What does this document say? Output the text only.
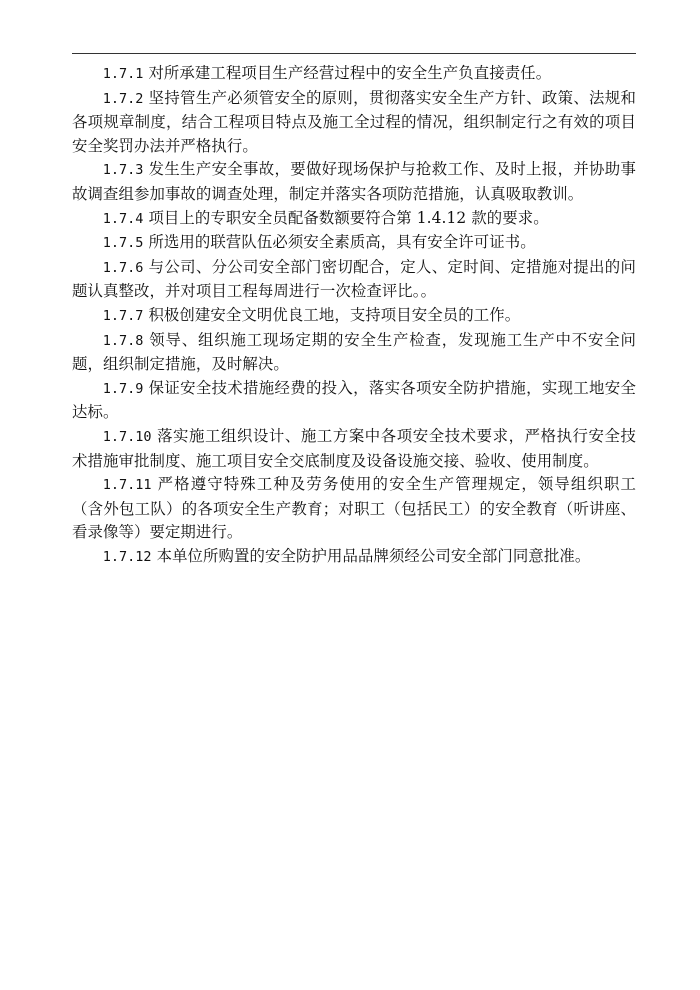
1.7.1 对所承建工程项目生产经营过程中的安全生产负直接责任。

1.7.2 坚持管生产必须管安全的原则，贯彻落实安全生产方针、政策、法规和各项规章制度，结合工程项目特点及施工全过程的情况，组织制定行之有效的项目安全奖罚办法并严格执行。

1.7.3 发生生产安全事故，要做好现场保护与抢救工作、及时上报，并协助事故调查组参加事故的调查处理，制定并落实各项防范措施，认真吸取教训。

1.7.4 项目上的专职安全员配备数额要符合第 1.4.12 款的要求。

1.7.5 所选用的联营队伍必须安全素质高，具有安全许可证书。

1.7.6 与公司、分公司安全部门密切配合，定人、定时间、定措施对提出的问题认真整改，并对项目工程每周进行一次检查评比。。

1.7.7 积极创建安全文明优良工地，支持项目安全员的工作。

1.7.8 领导、组织施工现场定期的安全生产检查，发现施工生产中不安全问题，组织制定措施，及时解决。

1.7.9 保证安全技术措施经费的投入，落实各项安全防护措施，实现工地安全达标。

1.7.10 落实施工组织设计、施工方案中各项安全技术要求，严格执行安全技术措施审批制度、施工项目安全交底制度及设备设施交接、验收、使用制度。

1.7.11 严格遵守特殊工种及劳务使用的安全生产管理规定，领导组织职工（含外包工队）的各项安全生产教育；对职工（包括民工）的安全教育（听讲座、看录像等）要定期进行。

1.7.12 本单位所购置的安全防护用品品牌须经公司安全部门同意批准。
